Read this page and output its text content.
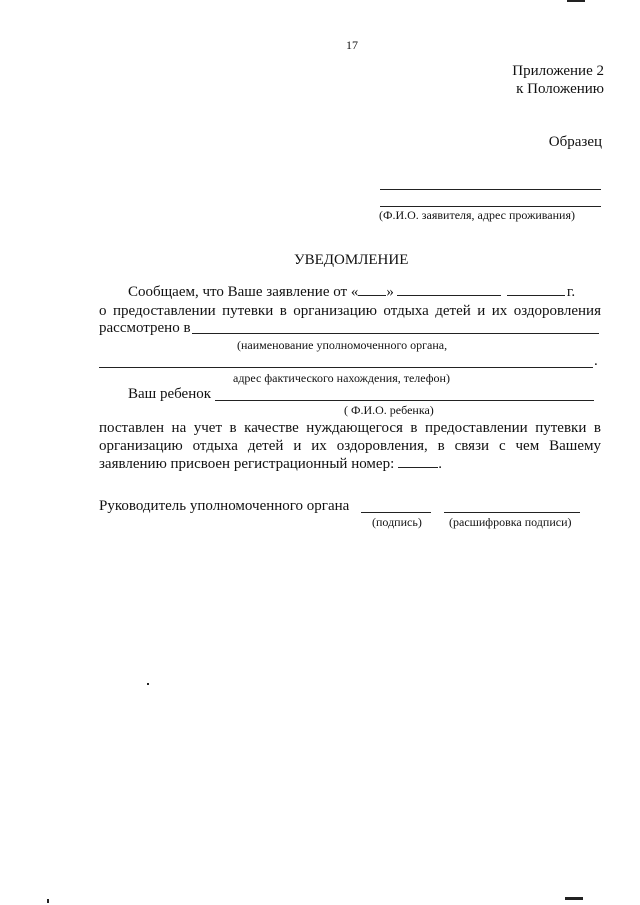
17
Приложение 2
к Положению
Образец
(Ф.И.О. заявителя, адрес проживания)
УВЕДОМЛЕНИЕ
Сообщаем, что Ваше заявление от « »	г.
о предоставлении путевки в организацию отдыха детей и их оздоровления
рассмотрено в
(наименование уполномоченного органа,
.
адрес фактического нахождения, телефон)
Ваш ребенок
( Ф.И.О. ребенка)
поставлен на учет в качестве нуждающегося в предоставлении путевки в
организацию отдыха детей и их оздоровления, в связи с чем Вашему
заявлению присвоен регистрационный номер:	.
Руководитель уполномоченного органа
(подпись) (расшифровка подписи)
